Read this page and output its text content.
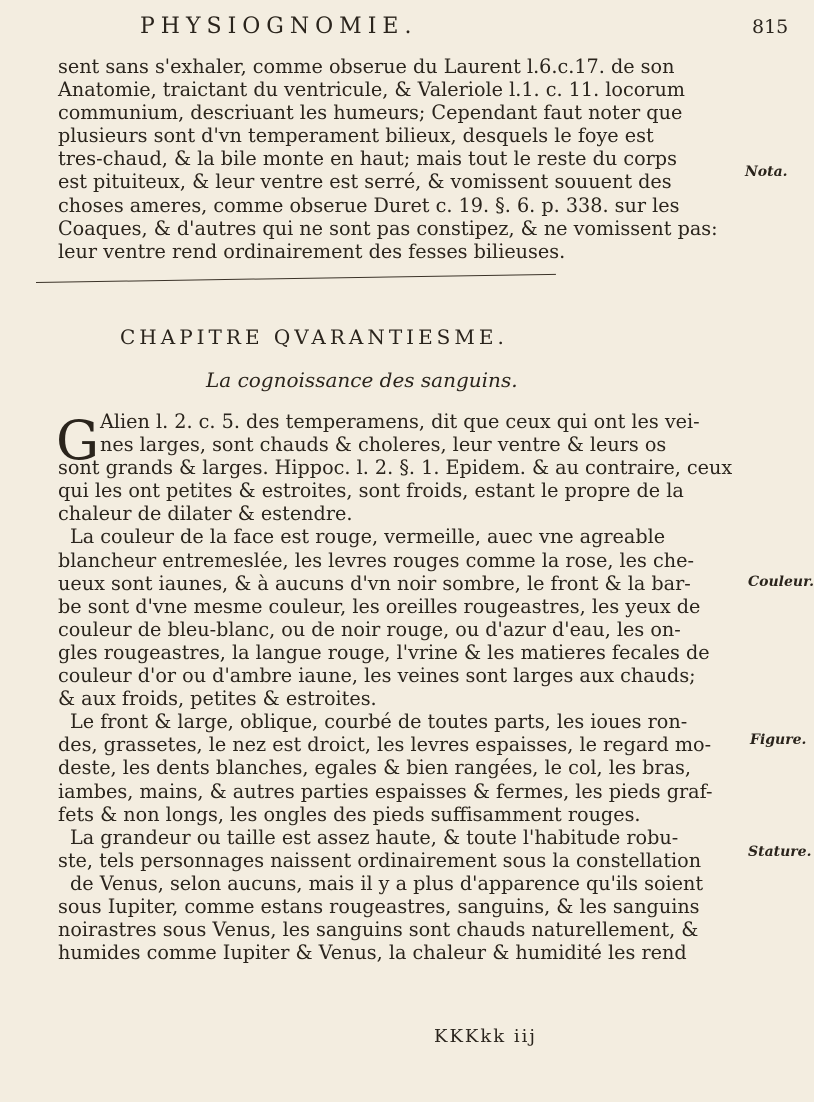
PHYSIOGNOMIE.	815
sent sans s'exhaler, comme obserue du Laurent l.6.c.17. de son
Anatomie, traictant du ventricule, & Valeriole l.1. c. 11. locorum
communium, descriuant les humeurs; Cependant faut noter que
plusieurs sont d'vn temperament bilieux, desquels le foye est
tres-chaud, & la bile monte en haut; mais tout le reste du corps
est pituiteux, & leur ventre est serré, & vomissent souuent des
choses ameres, comme obserue Duret c. 19. §. 6. p. 338. sur les
Coaques, & d'autres qui ne sont pas constipez, & ne vomissent pas:
leur ventre rend ordinairement des fesses bilieuses.
Nota.
CHAPITRE QVARANTIESME.
La cognoissance des sanguins.
G Alien l. 2. c. 5. des temperamens, dit que ceux qui ont les vei-
nes larges, sont chauds & choleres, leur ventre & leurs os
sont grands & larges. Hippoc. l. 2. §. 1. Epidem. & au contraire, ceux
qui les ont petites & estroites, sont froids, estant le propre de la
chaleur de dilater & estendre.
La couleur de la face est rouge, vermeille, auec vne agreable
blancheur entremeslée, les levres rouges comme la rose, les che-
ueux sont iaunes, & à aucuns d'vn noir sombre, le front & la bar-
be sont d'vne mesme couleur, les oreilles rougeastres, les yeux de
couleur de bleu-blanc, ou de noir rouge, ou d'azur d'eau, les on-
gles rougeastres, la langue rouge, l'vrine & les matieres fecales de
couleur d'or ou d'ambre iaune, les veines sont larges aux chauds;
& aux froids, petites & estroites.
Le front & large, oblique, courbé de toutes parts, les ioues ron-
des, grassetes, le nez est droict, les levres espaisses, le regard mo-
deste, les dents blanches, egales & bien rangées, le col, les bras,
iambes, mains, & autres parties espaisses & fermes, les pieds graf-
fets & non longs, les ongles des pieds suffisamment rouges.
La grandeur ou taille est assez haute, & toute l'habitude robu-
ste, tels personnages naissent ordinairement sous la constellation
de Venus, selon aucuns, mais il y a plus d'apparence qu'ils soient
sous Iupiter, comme estans rougeastres, sanguins, & les sanguins
noirastres sous Venus, les sanguins sont chauds naturellement, &
humides comme Iupiter & Venus, la chaleur & humidité les rend
Couleur.
Figure.
Stature.
KKKkk iij
